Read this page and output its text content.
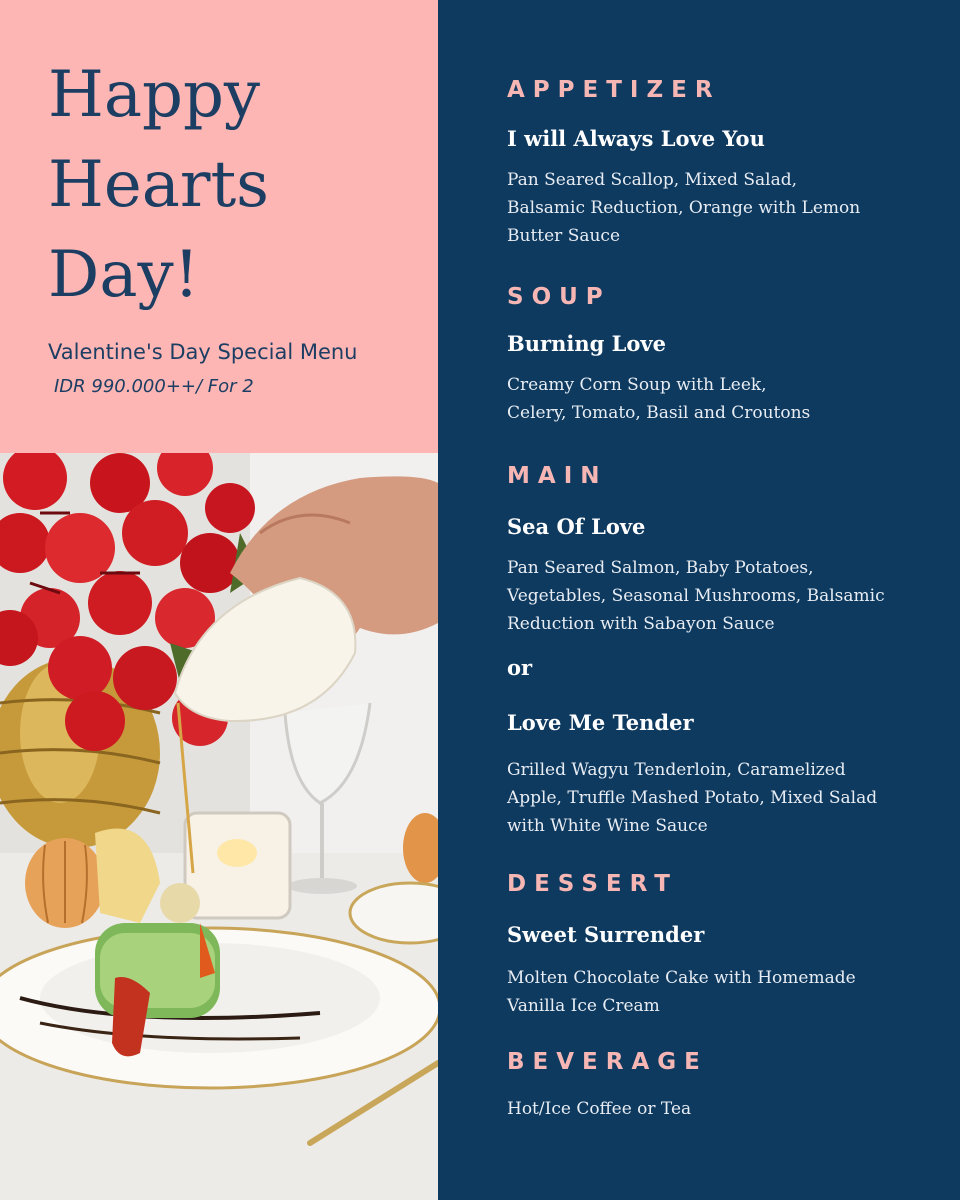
Happy
Hearts
Day!
Valentine's Day Special Menu
IDR 990.000++/ For 2
APPETIZER
I will Always Love You

Pan Seared Scallop, Mixed Salad,
Balsamic Reduction, Orange with Lemon
Butter Sauce

SOUP
Burning Love

Creamy Corn Soup with Leek,
Celery, Tomato, Basil and Croutons

MAIN
Sea Of Love

Pan Seared Salmon, Baby Potatoes,
Vegetables, Seasonal Mushrooms, Balsamic
Reduction with Sabayon Sauce

or
Love Me Tender

Grilled Wagyu Tenderloin, Caramelized
Apple, Truffle Mashed Potato, Mixed Salad
with White Wine Sauce

DESSERT
Sweet Surrender

Molten Chocolate Cake with Homemade
Vanilla Ice Cream

BEVERAGE

Hot/Ice Coffee or Tea
